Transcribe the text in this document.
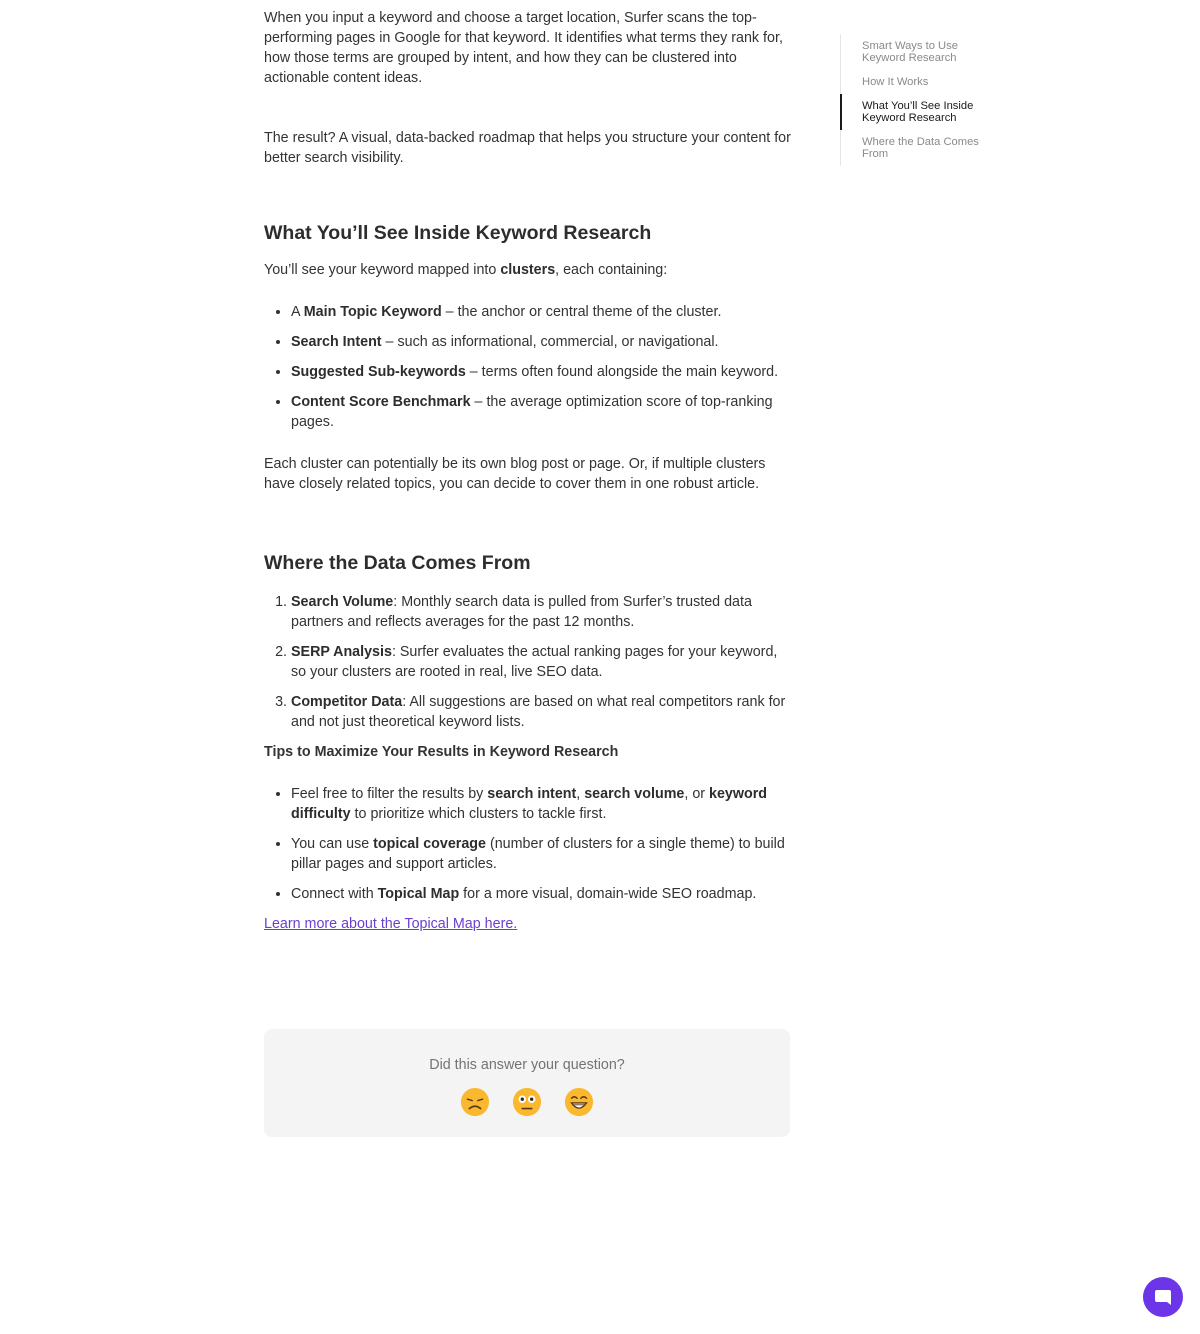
When you input a keyword and choose a target location, Surfer scans the top-performing pages in Google for that keyword. It identifies what terms they rank for, how those terms are grouped by intent, and how they can be clustered into actionable content ideas.

The result? A visual, data-backed roadmap that helps you structure your content for better search visibility.

What You’ll See Inside Keyword Research

You’ll see your keyword mapped into clusters, each containing:

• A Main Topic Keyword – the anchor or central theme of the cluster.
• Search Intent – such as informational, commercial, or navigational.
• Suggested Sub-keywords – terms often found alongside the main keyword.
• Content Score Benchmark – the average optimization score of top-ranking pages.

Each cluster can potentially be its own blog post or page. Or, if multiple clusters have closely related topics, you can decide to cover them in one robust article.

Where the Data Comes From
1. Search Volume: Monthly search data is pulled from Surfer’s trusted data partners and reflects averages for the past 12 months.
2. SERP Analysis: Surfer evaluates the actual ranking pages for your keyword, so your clusters are rooted in real, live SEO data.
3. Competitor Data: All suggestions are based on what real competitors rank for and not just theoretical keyword lists.

Tips to Maximize Your Results in Keyword Research

• Feel free to filter the results by search intent, search volume, or keyword difficulty to prioritize which clusters to tackle first.
• You can use topical coverage (number of clusters for a single theme) to build pillar pages and support articles.
• Connect with Topical Map for a more visual, domain-wide SEO roadmap.

Learn more about the Topical Map here.

Did this answer your question?
Smart Ways to Use Keyword Research
How It Works
What You’ll See Inside Keyword Research
Where the Data Comes From
